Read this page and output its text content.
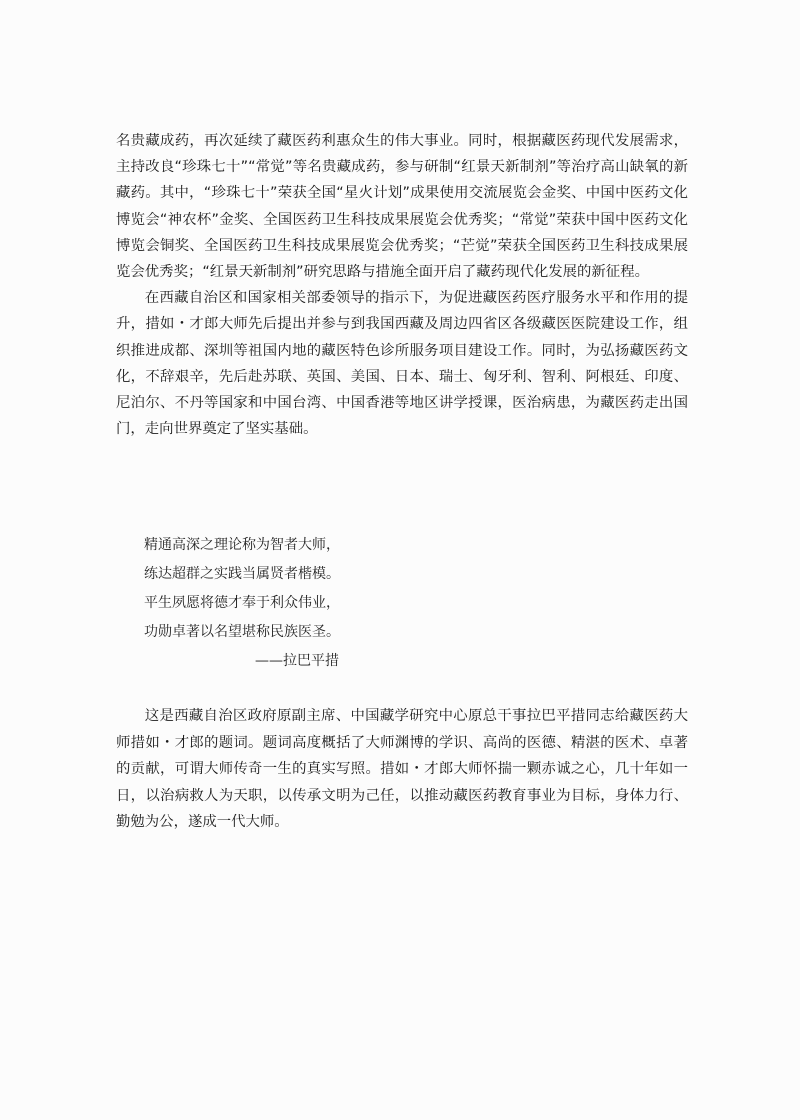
名贵藏成药，再次延续了藏医药利惠众生的伟大事业。同时，根据藏医药现代发展需求，主持改良“珍珠七十”“常觉”等名贵藏成药，参与研制“红景天新制剂”等治疗高山缺氧的新藏药。其中，“珍珠七十”荣获全国“星火计划”成果使用交流展览会金奖、中国中医药文化博览会“神农杯”金奖、全国医药卫生科技成果展览会优秀奖；“常觉”荣获中国中医药文化博览会铜奖、全国医药卫生科技成果展览会优秀奖；“芒觉”荣获全国医药卫生科技成果展览会优秀奖；“红景天新制剂”研究思路与措施全面开启了藏药现代化发展的新征程。

在西藏自治区和国家相关部委领导的指示下，为促进藏医药医疗服务水平和作用的提升，措如・才郎大师先后提出并参与到我国西藏及周边四省区各级藏医医院建设工作，组织推进成都、深圳等祖国内地的藏医特色诊所服务项目建设工作。同时，为弘扬藏医药文化，不辞艰辛，先后赴苏联、英国、美国、日本、瑞士、匈牙利、智利、阿根廷、印度、尼泊尔、不丹等国家和中国台湾、中国香港等地区讲学授课，医治病患，为藏医药走出国门，走向世界奠定了坚实基础。

精通高深之理论称为智者大师，
练达超群之实践当属贤者楷模。
平生夙愿将德才奉于利众伟业，
功勋卓著以名望堪称民族医圣。
——拉巴平措

这是西藏自治区政府原副主席、中国藏学研究中心原总干事拉巴平措同志给藏医药大师措如・才郎的题词。题词高度概括了大师渊博的学识、高尚的医德、精湛的医术、卓著的贡献，可谓大师传奇一生的真实写照。措如・才郎大师怀揣一颗赤诚之心，几十年如一日，以治病救人为天职，以传承文明为己任，以推动藏医药教育事业为目标，身体力行、勤勉为公，遂成一代大师。
